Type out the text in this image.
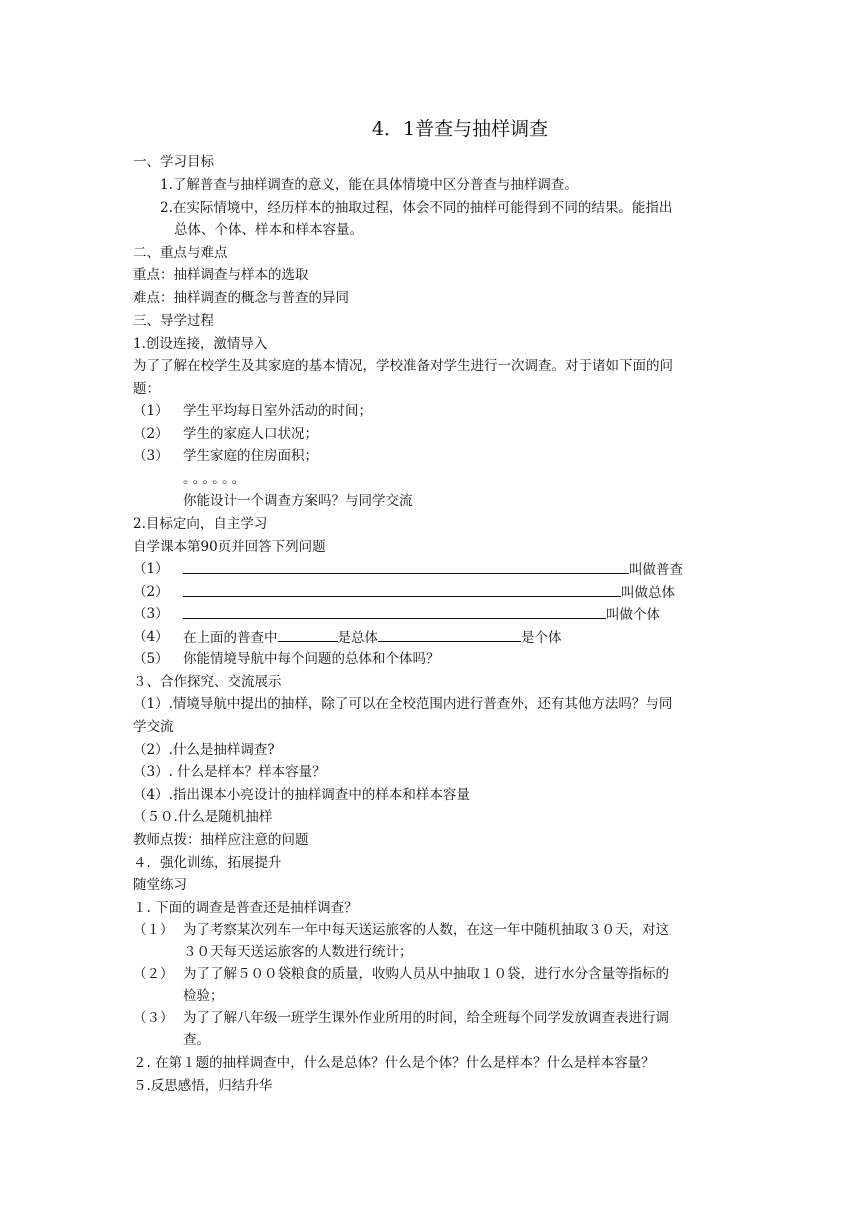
4．1普查与抽样调查
一、学习目标
1.了解普查与抽样调查的意义，能在具体情境中区分普查与抽样调查。
2.在实际情境中，经历样本的抽取过程，体会不同的抽样可能得到不同的结果。能指出
总体、个体、样本和样本容量。
二、重点与难点
重点：抽样调查与样本的选取
难点：抽样调查的概念与普查的异同
三、导学过程
1.创设连接，激情导入
为了了解在校学生及其家庭的基本情况，学校准备对学生进行一次调查。对于诸如下面的问
题：
（1） 学生平均每日室外活动的时间；
（2） 学生的家庭人口状况；
（3） 学生家庭的住房面积；
。。。。。。
你能设计一个调查方案吗？与同学交流
2.目标定向，自主学习
自学课本第90页并回答下列问题
（1）	叫做普查
（2）	叫做总体
（3）	叫做个体
（4） 在上面的普查中	是总体	是个体
（5） 你能情境导航中每个问题的总体和个体吗？
３、合作探究、交流展示
（1）.情境导航中提出的抽样，除了可以在全校范围内进行普查外，还有其他方法吗？与同
学交流
（2）.什么是抽样调查?
（3）. 什么是样本？样本容量？
（4）.指出课本小亮设计的抽样调查中的样本和样本容量
（５０.什么是随机抽样
教师点拨：抽样应注意的问题
４．强化训练，拓展提升
随堂练习
１. 下面的调查是普查还是抽样调查？
（１） 为了考察某次列车一年中每天送运旅客的人数，在这一年中随机抽取３０天，对这
３０天每天送运旅客的人数进行统计；
（２） 为了了解５００袋粮食的质量，收购人员从中抽取１０袋，进行水分含量等指标的
检验；
（３） 为了了解八年级一班学生课外作业所用的时间，给全班每个同学发放调查表进行调
查。
２. 在第１题的抽样调查中，什么是总体？什么是个体？什么是样本？什么是样本容量？
５.反思感悟，归结升华
